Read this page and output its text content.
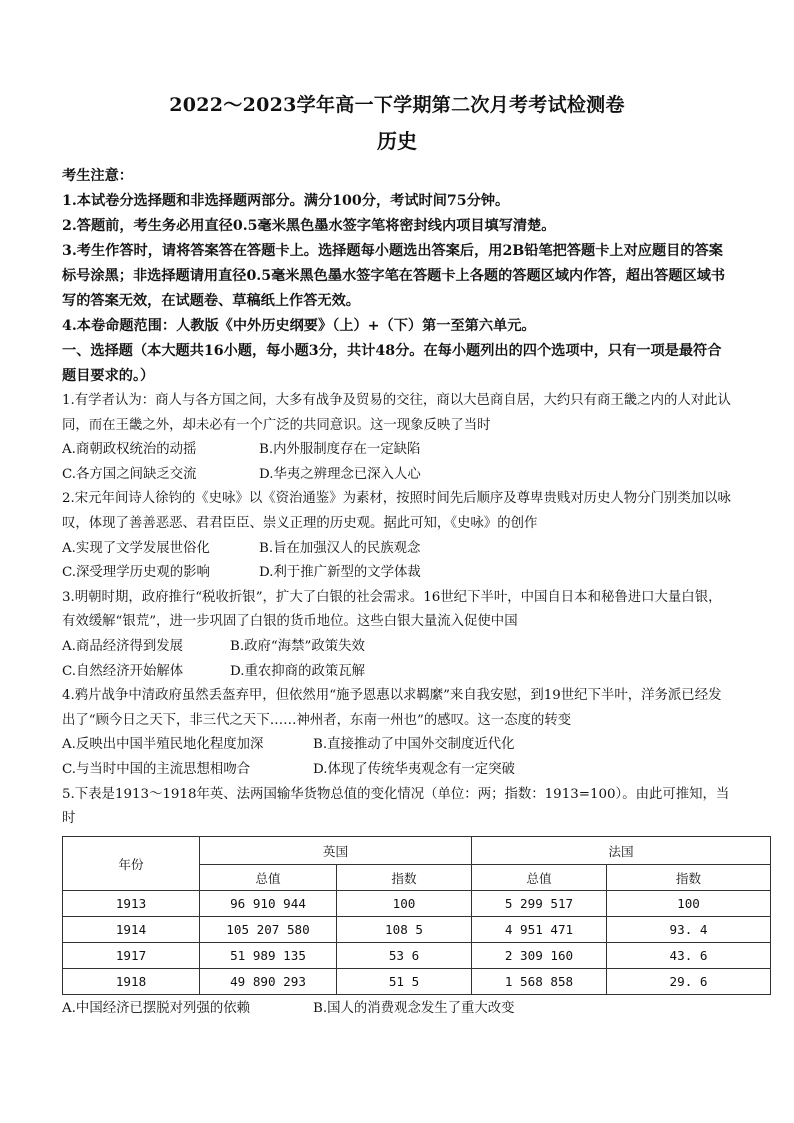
2022～2023学年高一下学期第二次月考考试检测卷
历史

考生注意：

1.本试卷分选择题和非选择题两部分。满分100分，考试时间75分钟。

2.答题前，考生务必用直径0.5毫米黑色墨水签字笔将密封线内项目填写清楚。

3.考生作答时，请将答案答在答题卡上。选择题每小题选出答案后，用2B铅笔把答题卡上对应题目的答案标号涂黑；非选择题请用直径0.5毫米黑色墨水签字笔在答题卡上各题的答题区域内作答，超出答题区域书写的答案无效，在试题卷、草稿纸上作答无效。

4.本卷命题范围：人教版《中外历史纲要》（上）+（下）第一至第六单元。

一、选择题（本大题共16小题，每小题3分，共计48分。在每小题列出的四个选项中，只有一项是最符合题目要求的。）

1.有学者认为：商人与各方国之间，大多有战争及贸易的交往，商以大邑商自居，大约只有商王畿之内的人对此认同，而在王畿之外，却未必有一个广泛的共同意识。这一现象反映了当时

A.商朝政权统治的动摇	B.内外服制度存在一定缺陷
C.各方国之间缺乏交流	D.华夷之辨理念已深入人心

2.宋元年间诗人徐钧的《史咏》以《资治通鉴》为素材，按照时间先后顺序及尊卑贵贱对历史人物分门别类加以咏叹，体现了善善恶恶、君君臣臣、崇义正理的历史观。据此可知，《史咏》的创作

A.实现了文学发展世俗化	B.旨在加强汉人的民族观念
C.深受理学历史观的影响	D.利于推广新型的文学体裁

3.明朝时期，政府推行“税收折银”，扩大了白银的社会需求。16世纪下半叶，中国自日本和秘鲁进口大量白银，有效缓解“银荒”，进一步巩固了白银的货币地位。这些白银大量流入促使中国

A.商品经济得到发展	B.政府“海禁”政策失效
C.自然经济开始解体	D.重农抑商的政策瓦解

4.鸦片战争中清政府虽然丢盔弃甲，但依然用“施予恩惠以求羁縻”来自我安慰，到19世纪下半叶，洋务派已经发出了“顾今日之天下，非三代之天下……神州者，东南一州也”的感叹。这一态度的转变

A.反映出中国半殖民地化程度加深	B.直接推动了中国外交制度近代化
C.与当时中国的主流思想相吻合	D.体现了传统华夷观念有一定突破

5.下表是1913～1918年英、法两国输华货物总值的变化情况（单位：两；指数：1913=100）。由此可推知，当时

年份	英国		法国	
	总值	指数	总值	指数
1913	96 910 944	100	5 299 517	100
1914	105 207 580	108 5	4 951 471	93. 4
1917	51 989 135	53 6	2 309 160	43. 6
1918	49 890 293	51 5	1 568 858	29. 6
A.中国经济已摆脱对列强的依赖	B.国人的消费观念发生了重大改变
